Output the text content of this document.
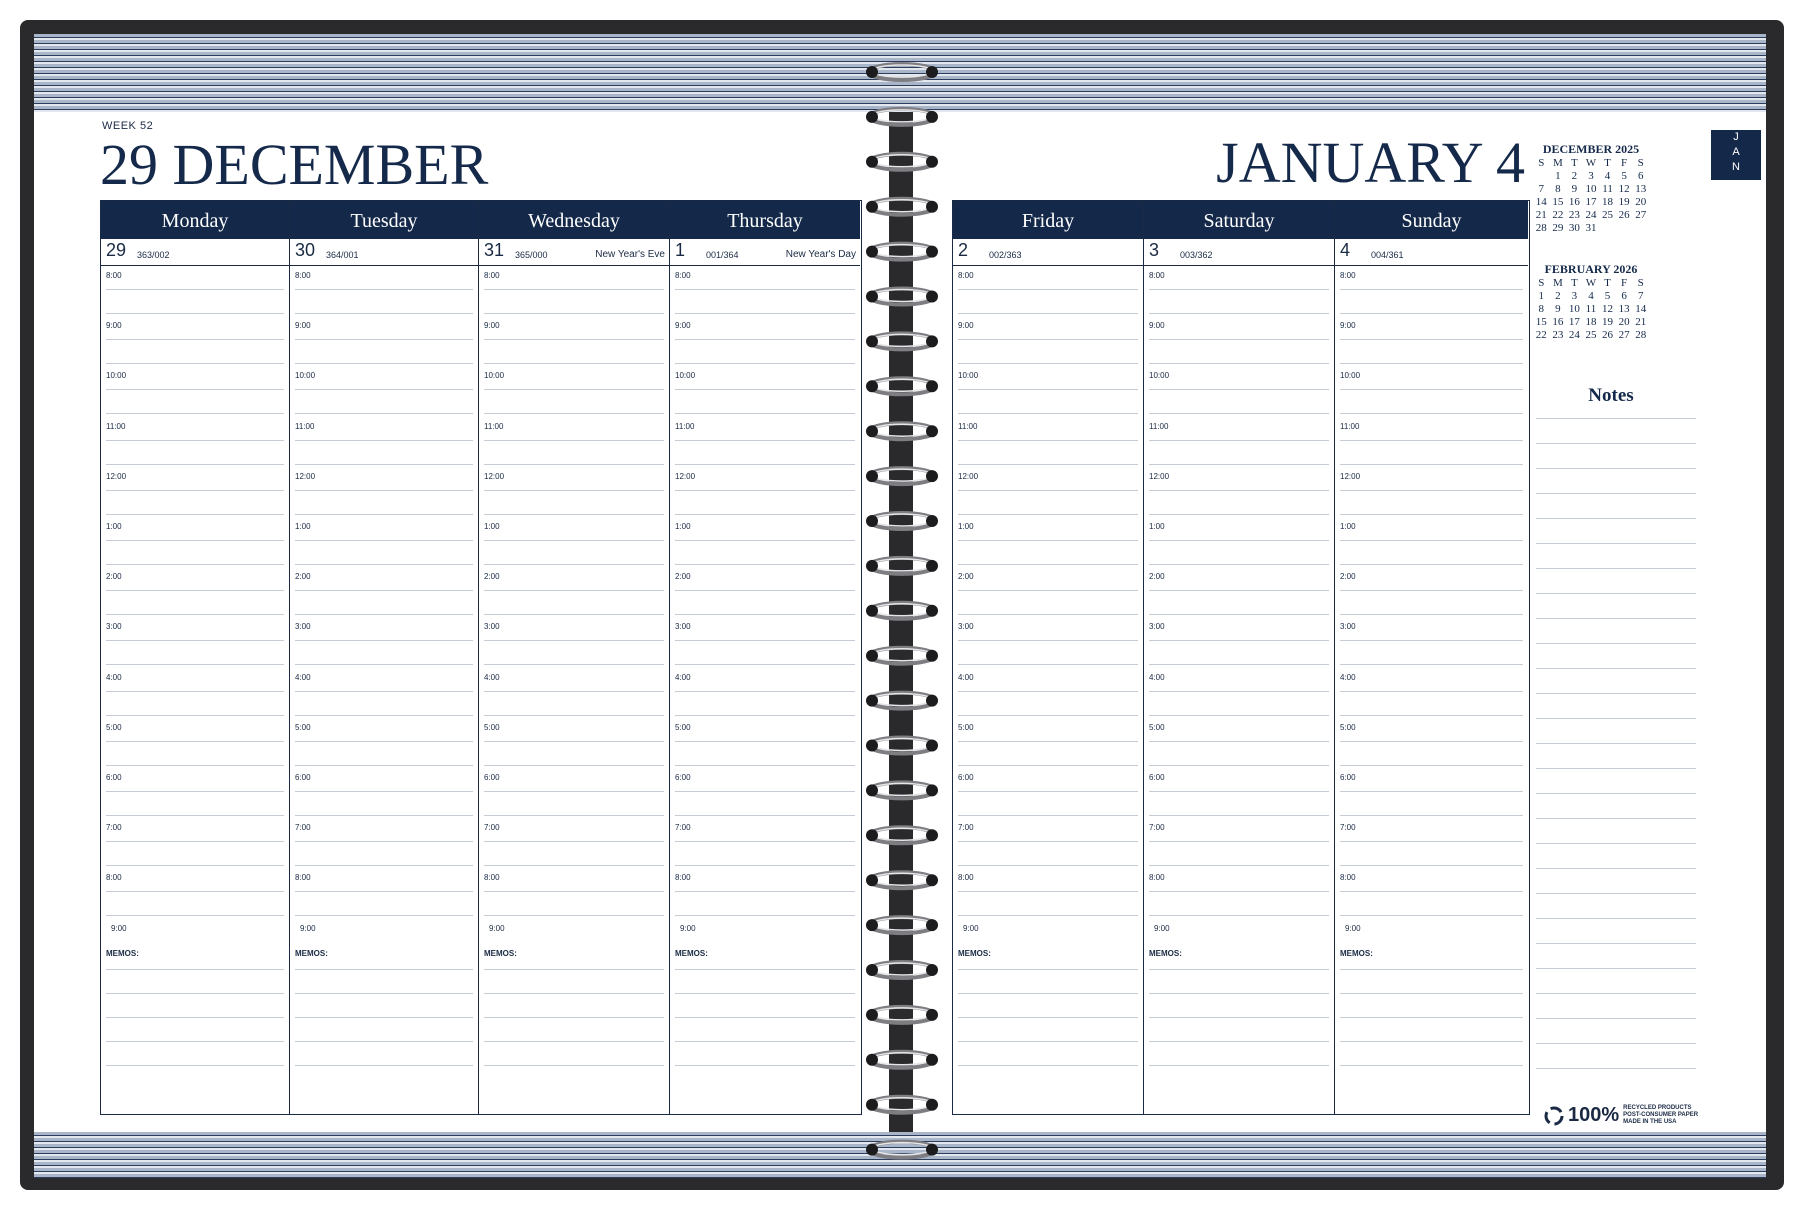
WEEK 52
29 DECEMBER	JANUARY 4
Monday
29 363/002
8:00
9:00
10:00
11:00
12:00
1:00
2:00
3:00
4:00
5:00
6:00
7:00
8:00
9:00
MEMOS:
Tuesday
30 364/001
8:00
9:00
10:00
11:00
12:00
1:00
2:00
3:00
4:00
5:00
6:00
7:00
8:00
9:00
MEMOS:
Wednesday
31 365/000	New Year's Eve
8:00
9:00
10:00
11:00
12:00
1:00
2:00
3:00
4:00
5:00
6:00
7:00
8:00
9:00
MEMOS:
Thursday
1 001/364	New Year's Day
8:00
9:00
10:00
11:00
12:00
1:00
2:00
3:00
4:00
5:00
6:00
7:00
8:00
9:00
MEMOS:
Friday
2 002/363
8:00
9:00
10:00
11:00
12:00
1:00
2:00
3:00
4:00
5:00
6:00
7:00
8:00
9:00
MEMOS:
Saturday
3 003/362
8:00
9:00
10:00
11:00
12:00
1:00
2:00
3:00
4:00
5:00
6:00
7:00
8:00
9:00
MEMOS:
Sunday
4 004/361
8:00
9:00
10:00
11:00
12:00
1:00
2:00
3:00
4:00
5:00
6:00
7:00
8:00
9:00
MEMOS:
DECEMBER 2025
S	M	T	W	T	F	S
	1	2	3	4	5	6
7	8	9	10	11	12	13
14	15	16	17	18	19	20
21	22	23	24	25	26	27
28	29	30	31			
FEBRUARY 2026
S	M	T	W	T	F	S
1	2	3	4	5	6	7
8	9	10	11	12	13	14
15	16	17	18	19	20	21
22	23	24	25	26	27	28
J
A
N
Notes
100% RECYCLED PRODUCTS
POST-CONSUMER PAPER
MADE IN THE USA
